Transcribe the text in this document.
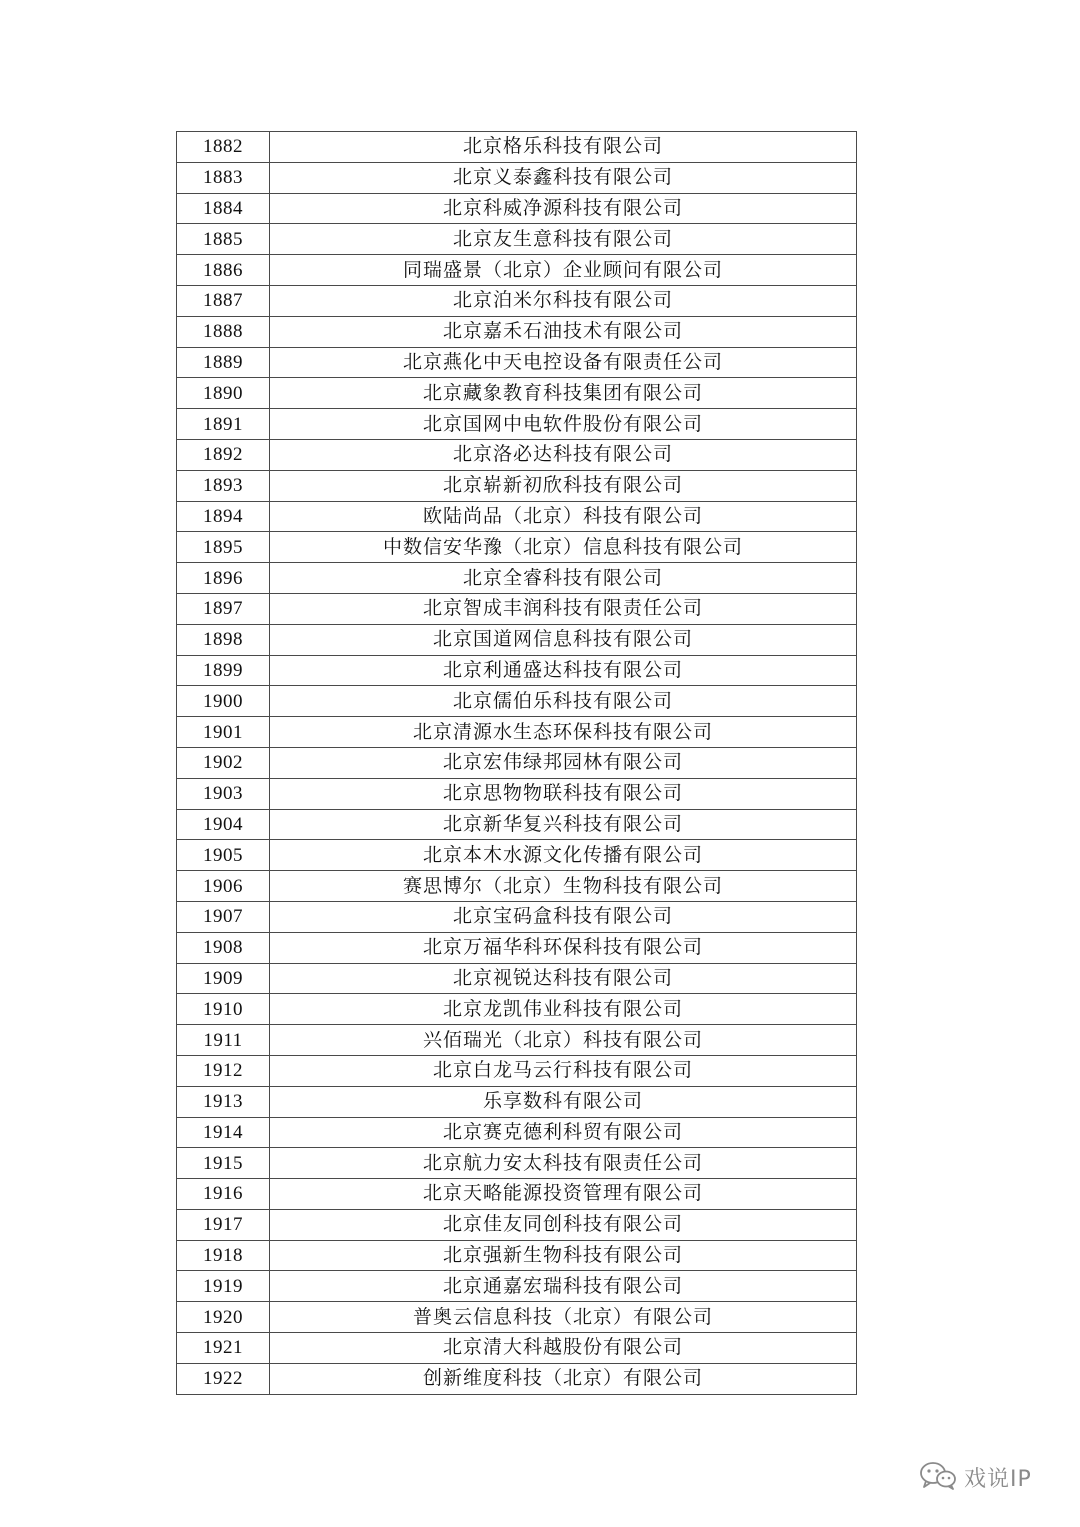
1882	北京格乐科技有限公司
1883	北京义泰鑫科技有限公司
1884	北京科威净源科技有限公司
1885	北京友生意科技有限公司
1886	同瑞盛景（北京）企业顾问有限公司
1887	北京泊米尔科技有限公司
1888	北京嘉禾石油技术有限公司
1889	北京燕化中天电控设备有限责任公司
1890	北京藏象教育科技集团有限公司
1891	北京国网中电软件股份有限公司
1892	北京洛必达科技有限公司
1893	北京崭新初欣科技有限公司
1894	欧陆尚品（北京）科技有限公司
1895	中数信安华豫（北京）信息科技有限公司
1896	北京全睿科技有限公司
1897	北京智成丰润科技有限责任公司
1898	北京国道网信息科技有限公司
1899	北京利通盛达科技有限公司
1900	北京儒伯乐科技有限公司
1901	北京清源水生态环保科技有限公司
1902	北京宏伟绿邦园林有限公司
1903	北京思物物联科技有限公司
1904	北京新华复兴科技有限公司
1905	北京本木水源文化传播有限公司
1906	赛思博尔（北京）生物科技有限公司
1907	北京宝码盒科技有限公司
1908	北京万福华科环保科技有限公司
1909	北京视锐达科技有限公司
1910	北京龙凯伟业科技有限公司
1911	兴佰瑞光（北京）科技有限公司
1912	北京白龙马云行科技有限公司
1913	乐享数科有限公司
1914	北京赛克德利科贸有限公司
1915	北京航力安太科技有限责任公司
1916	北京天略能源投资管理有限公司
1917	北京佳友同创科技有限公司
1918	北京强新生物科技有限公司
1919	北京通嘉宏瑞科技有限公司
1920	普奥云信息科技（北京）有限公司
1921	北京清大科越股份有限公司
1922	创新维度科技（北京）有限公司
戏说IP
